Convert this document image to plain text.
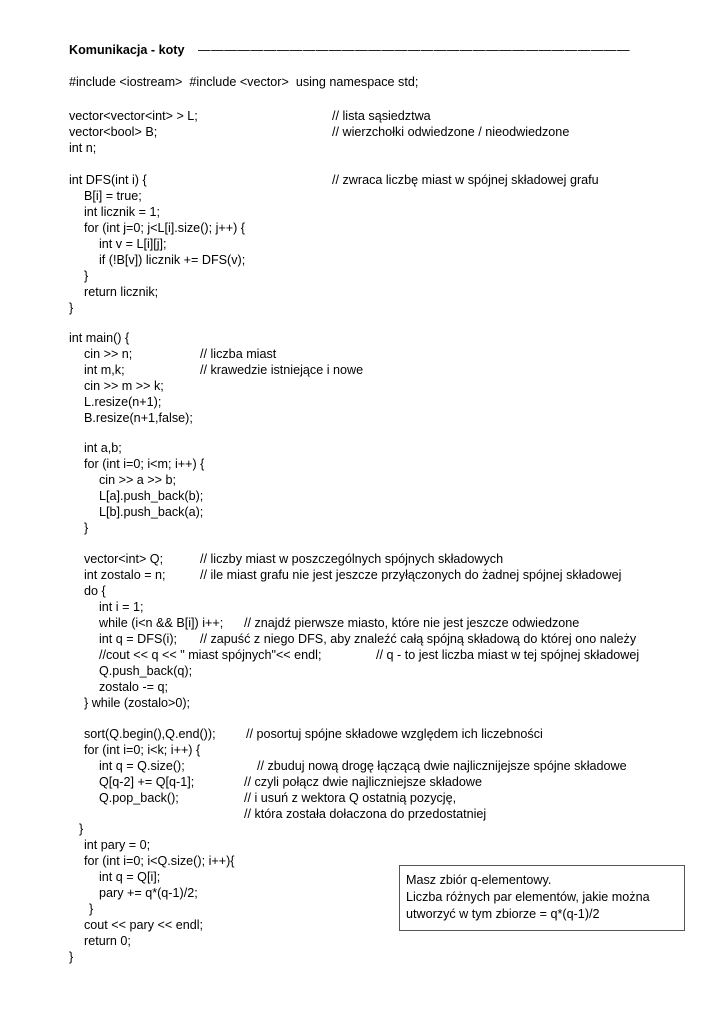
Komunikacja - koty —————————————————————————————————
#include <iostream>  #include <vector>  using namespace std;
vector<vector<int> > L;	// lista sąsiedztwa
vector<bool> B;	// wierzchołki odwiedzone / nieodwiedzone
int n;
int DFS(int i) {	// zwraca liczbę miast w spójnej składowej grafu
B[i] = true;
int licznik = 1;
for (int j=0; j<L[i].size(); j++) {
int v = L[i][j];
if (!B[v]) licznik += DFS(v);
}
return licznik;
}
int main() {
cin >> n;	// liczba miast
int m,k;	// krawedzie istniejące i nowe
cin >> m >> k;
L.resize(n+1);
B.resize(n+1,false);
int a,b;
for (int i=0; i<m; i++) {
cin >> a >> b;
L[a].push_back(b);
L[b].push_back(a);
}
vector<int> Q;	// liczby miast w poszczególnych spójnych składowych
int zostalo = n;	// ile miast grafu nie jest jeszcze przyłączonych do żadnej spójnej składowej
do {
int i = 1;
while (i<n && B[i]) i++; // znajdź pierwsze miasto, które nie jest jeszcze odwiedzone
int q = DFS(i); // zapuść z niego DFS, aby znaleźć całą spójną składową do której ono należy
//cout << q << " miast spójnych"<< endl;	// q - to jest liczba miast w tej spójnej składowej
Q.push_back(q);
zostalo -= q;
} while (zostalo>0);
sort(Q.begin(),Q.end()); // posortuj spójne składowe względem ich liczebności
for (int i=0; i<k; i++) {
int q = Q.size();	// zbuduj nową drogę łączącą dwie najlicznijejsze spójne składowe
Q[q-2] += Q[q-1];	// czyli połącz dwie najliczniejsze składowe
Q.pop_back();	// i usuń z wektora Q ostatnią pozycję,
// która została dołaczona do przedostatniej
}
int pary = 0;
for (int i=0; i<Q.size(); i++){
int q = Q[i];
pary += q*(q-1)/2;
}
cout << pary << endl;
return 0;
}
Masz zbiór q-elementowy.
Liczba różnych par elementów, jakie można
utworzyć w tym zbiorze = q*(q-1)/2
